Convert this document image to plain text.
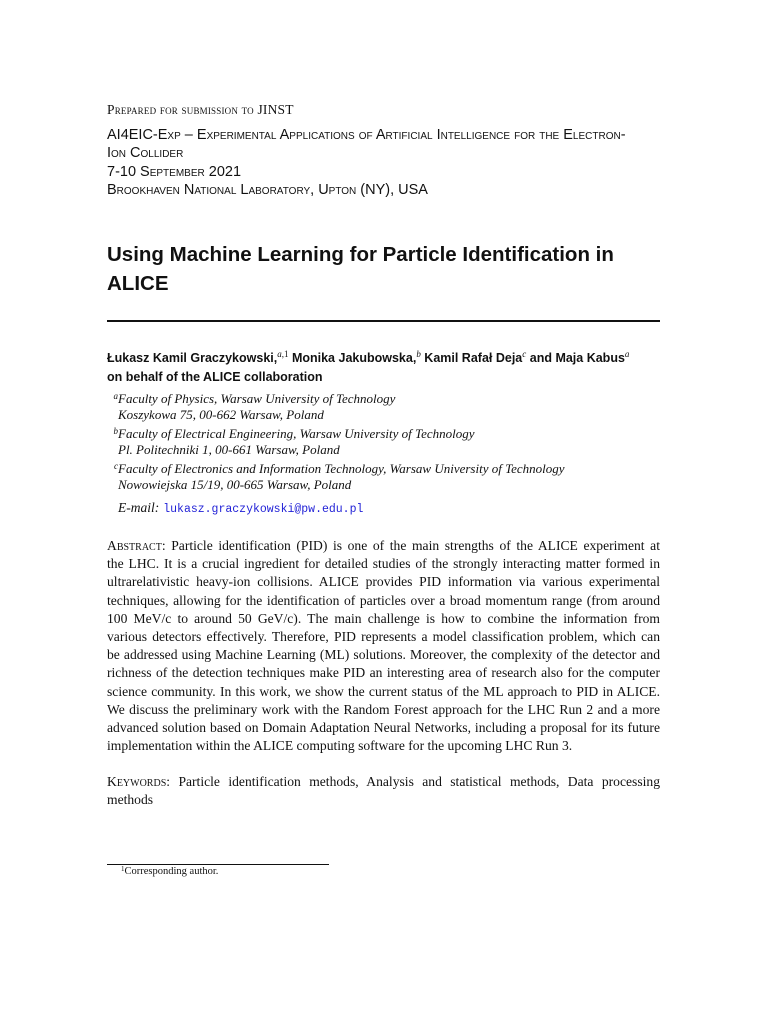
Prepared for submission to JINST
AI4EIC-Exp – Experimental Applications of Artificial Intelligence for the Electron-
Ion Collider
7-10 September 2021
Brookhaven National Laboratory, Upton (NY), USA
Using Machine Learning for Particle Identification in
ALICE
Łukasz Kamil Graczykowski,$^{a,1}$ Monika Jakubowska,$^b$ Kamil Rafał Deja$^c$ and Maja Kabus$^a$
on behalf of the ALICE collaboration
aFaculty of Physics, Warsaw University of Technology
Koszykowa 75, 00-662 Warsaw, Poland
bFaculty of Electrical Engineering, Warsaw University of Technology
Pl. Politechniki 1, 00-661 Warsaw, Poland
cFaculty of Electronics and Information Technology, Warsaw University of Technology
Nowowiejska 15/19, 00-665 Warsaw, Poland
E-mail: lukasz.graczykowski@pw.edu.pl
Abstract: Particle identification (PID) is one of the main strengths of the ALICE experiment at
the LHC. It is a crucial ingredient for detailed studies of the strongly interacting matter formed in
ultrarelativistic heavy-ion collisions. ALICE provides PID information via various experimental
techniques, allowing for the identification of particles over a broad momentum range (from around
100 MeV/c to around 50 GeV/c). The main challenge is how to combine the information from
various detectors effectively. Therefore, PID represents a model classification problem, which can
be addressed using Machine Learning (ML) solutions. Moreover, the complexity of the detector and
richness of the detection techniques make PID an interesting area of research also for the computer
science community. In this work, we show the current status of the ML approach to PID in ALICE.
We discuss the preliminary work with the Random Forest approach for the LHC Run 2 and a more
advanced solution based on Domain Adaptation Neural Networks, including a proposal for its future
implementation within the ALICE computing software for the upcoming LHC Run 3.
Keywords: Particle identification methods, Analysis and statistical methods, Data processing
methods
$^1$Corresponding author.
